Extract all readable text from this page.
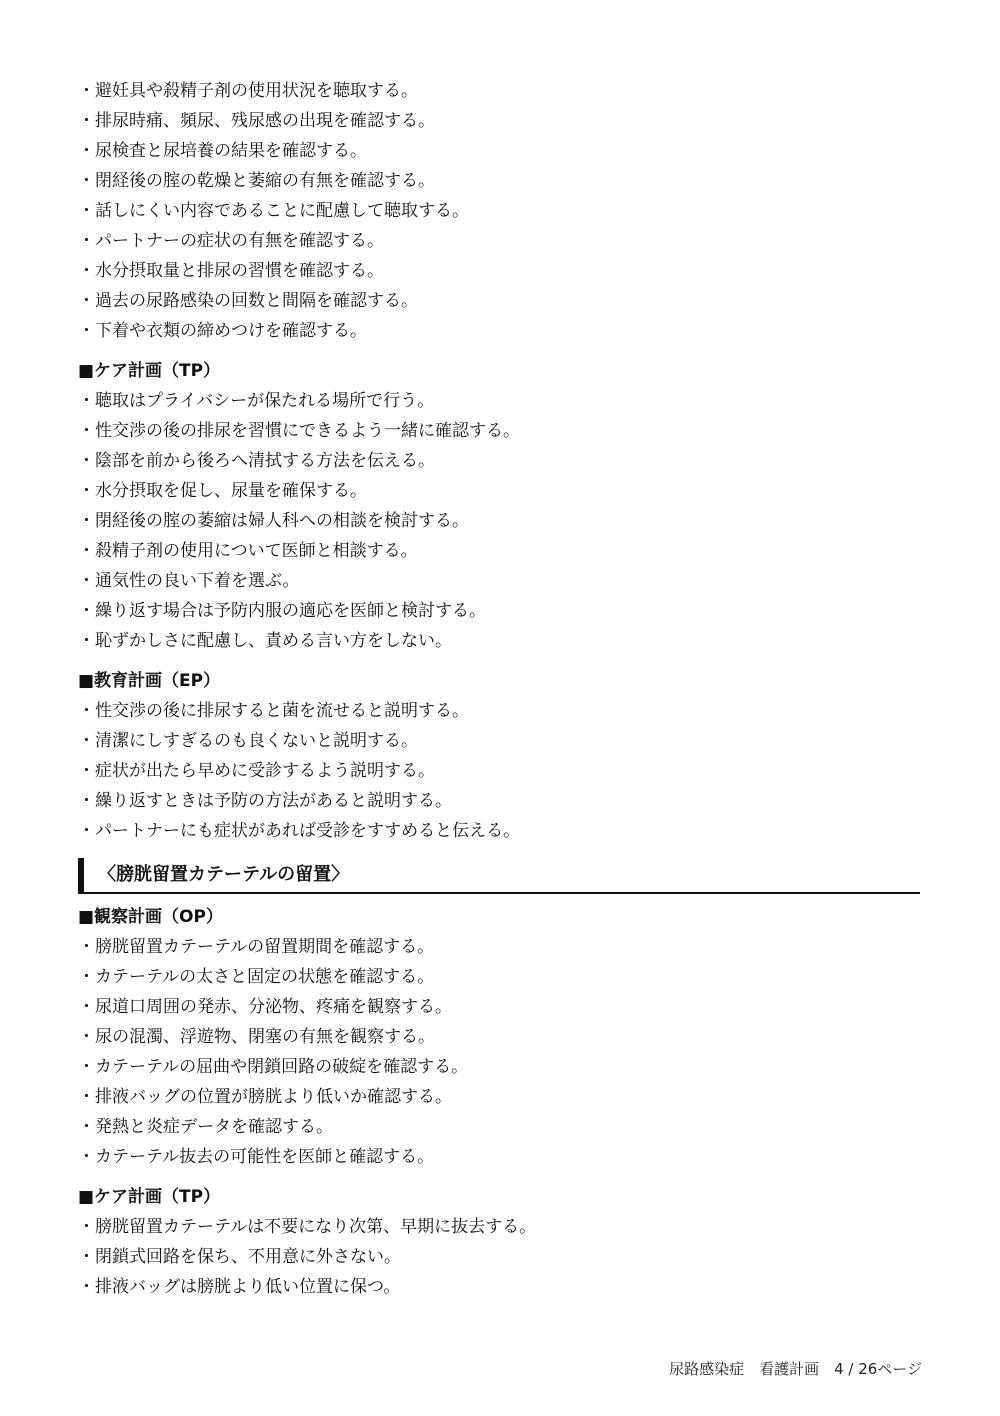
・避妊具や殺精子剤の使用状況を聴取する。
・排尿時痛、頻尿、残尿感の出現を確認する。
・尿検査と尿培養の結果を確認する。
・閉経後の腟の乾燥と萎縮の有無を確認する。
・話しにくい内容であることに配慮して聴取する。
・パートナーの症状の有無を確認する。
・水分摂取量と排尿の習慣を確認する。
・過去の尿路感染の回数と間隔を確認する。
・下着や衣類の締めつけを確認する。
■ケア計画（TP）
・聴取はプライバシーが保たれる場所で行う。
・性交渉の後の排尿を習慣にできるよう一緒に確認する。
・陰部を前から後ろへ清拭する方法を伝える。
・水分摂取を促し、尿量を確保する。
・閉経後の腟の萎縮は婦人科への相談を検討する。
・殺精子剤の使用について医師と相談する。
・通気性の良い下着を選ぶ。
・繰り返す場合は予防内服の適応を医師と検討する。
・恥ずかしさに配慮し、責める言い方をしない。
■教育計画（EP）
・性交渉の後に排尿すると菌を流せると説明する。
・清潔にしすぎるのも良くないと説明する。
・症状が出たら早めに受診するよう説明する。
・繰り返すときは予防の方法があると説明する。
・パートナーにも症状があれば受診をすすめると伝える。
〈膀胱留置カテーテルの留置〉
■観察計画（OP）
・膀胱留置カテーテルの留置期間を確認する。
・カテーテルの太さと固定の状態を確認する。
・尿道口周囲の発赤、分泌物、疼痛を観察する。
・尿の混濁、浮遊物、閉塞の有無を観察する。
・カテーテルの屈曲や閉鎖回路の破綻を確認する。
・排液バッグの位置が膀胱より低いか確認する。
・発熱と炎症データを確認する。
・カテーテル抜去の可能性を医師と確認する。
■ケア計画（TP）
・膀胱留置カテーテルは不要になり次第、早期に抜去する。
・閉鎖式回路を保ち、不用意に外さない。
・排液バッグは膀胱より低い位置に保つ。
尿路感染症　看護計画　4 / 26ページ
